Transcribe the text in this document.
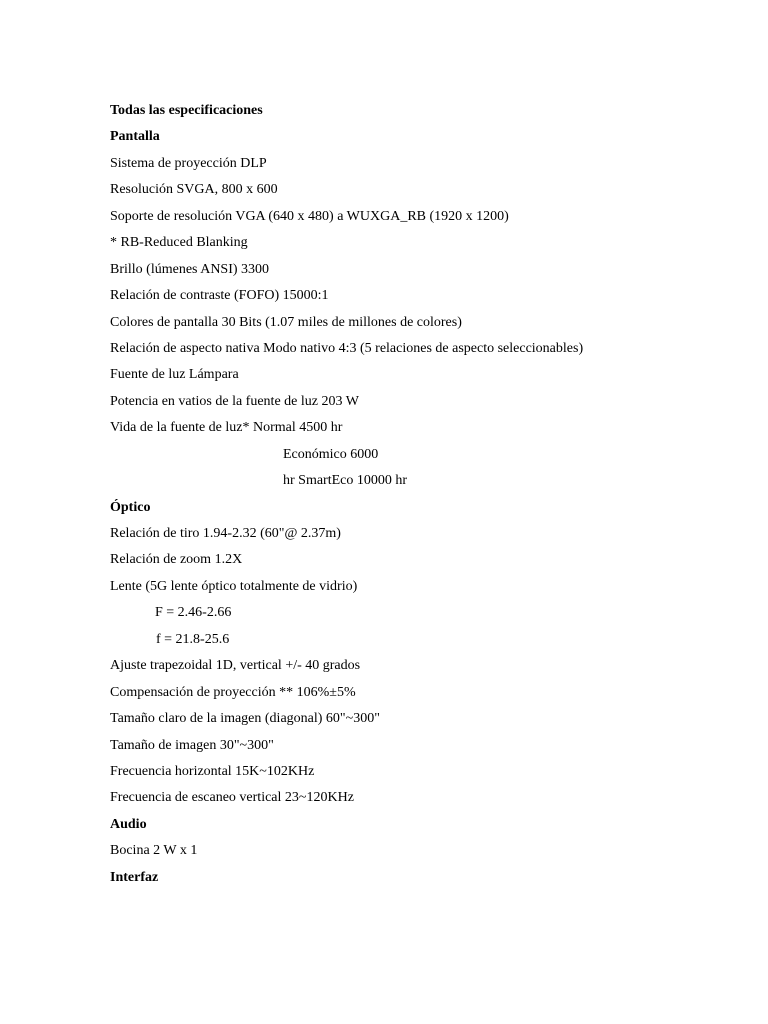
Todas las especificaciones
Pantalla
Sistema de proyección DLP
Resolución SVGA, 800 x 600
Soporte de resolución VGA (640 x 480) a WUXGA_RB (1920 x 1200)
* RB-Reduced Blanking
Brillo (lúmenes ANSI) 3300
Relación de contraste (FOFO) 15000:1
Colores de pantalla 30 Bits (1.07 miles de millones de colores)
Relación de aspecto nativa Modo nativo 4:3 (5 relaciones de aspecto seleccionables)
Fuente de luz Lámpara
Potencia en vatios de la fuente de luz 203 W
Vida de la fuente de luz* Normal 4500 hr
Económico 6000
hr SmartEco 10000 hr
Óptico
Relación de tiro 1.94-2.32 (60"@ 2.37m)
Relación de zoom 1.2X
Lente (5G lente óptico totalmente de vidrio)
F = 2.46-2.66
f = 21.8-25.6
Ajuste trapezoidal 1D, vertical +/- 40 grados
Compensación de proyección ** 106%±5%
Tamaño claro de la imagen (diagonal) 60"~300"
Tamaño de imagen 30"~300"
Frecuencia horizontal 15K~102KHz
Frecuencia de escaneo vertical 23~120KHz
Audio
Bocina 2 W x 1
Interfaz
